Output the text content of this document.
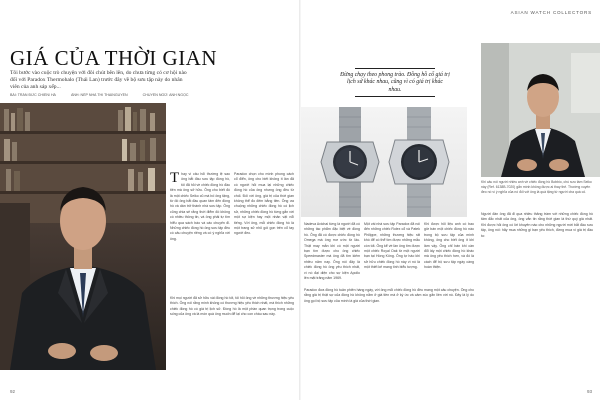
GIÁ CỦA THỜI GIAN

Tôi bước vào cuộc trò chuyện với đôi chút bẽn lẽn, do chưa từng có cơ hội nào đối với Paradox Thermohalo (Thái Lan) trước đây về bộ sưu tập này do nhân viên của anh sáp xếp...

BÀI: TRÀN ĐỨC CHIẾN/ HÀ	ẢNH: NÉP NHÀ THI THAINGUYỄN	CHUYỂN NGỮ: ANH NGỌC
T hay vì câu hỏi thường lệ sao ông bắt đầu sưu tập đồng hồ, tôi đã hỏi về chiếc đồng hồ đầu tiên mà ông sở hữu. Ông cho biết đó là một chiếc Seiko cũ mà bố ông tặng, từ đó ông bắt đầu quan tâm đến đồng hồ và dần trở thành nhà sưu tập. Ông cũng chia sẻ rằng thời điểm đó không có nhiều thông tin, và ông phải tự tìm hiểu qua sách báo và các chuyến đi. Những chiếc đồng hồ ông sưu tập đều có câu chuyện riêng và có ý nghĩa với ông.
Paradox chọn cho mình phong cách cổ điển, ông cho biết không ít lần đã có người hỏi mua lại những chiếc đồng hồ của ông nhưng ông đều từ chối. Đối với ông, giá trị của thời gian không thể đo đếm bằng tiền. Ông ưa chuộng những chiếc đồng hồ có lịch sử, những chiếc đồng hồ từng gắn với một sự kiện hay một nhân vật nổi tiếng. Với ông, mỗi chiếc đồng hồ là một trang sử nhỏ gói gọn trên cổ tay người đeo.
Khi mọi người đã sở hữu vài đồng hồ tốt, tôi hỏi ông về những thương hiệu yêu thích. Ông nói rằng mình không có thương hiệu yêu thích nhất, mà thích những chiếc đồng hồ có giá trị lịch sử. Đồng hồ là một phần quan trọng trong cuộc sống của ông và là món quà ông muốn để lại cho con cháu sau này.
92
ASIAN WATCH COLLECTORS

Đừng chạy theo phong trào. Đồng hồ cổ giá trị lịch sử khác nhau, cũng vì có giá trị khác nhau.

Nadeva Avichai từng là người đã có những tác phẩm đặc biệt về đồng hồ. Ông đã có được chiếc đồng hồ Omega mà ông mơ ước từ lâu. Thật may mắn khi có một người bạn tìm được cho ông chiếc Speedmaster mà ông đã tìm kiếm nhiều năm nay. Ông nói đây là chiếc đồng hồ ông yêu thích nhất, vì nó đại diện cho sự kiện Apollo lên mặt trăng năm 1969.
Một vài nhà sưu tập Paradox đã nói đến những chiếc Rolex cổ và Patek Philippe, những thương hiệu rất khó để có thể tìm được những mẫu còn tốt. Ông kể về lần ông tìm được một chiếc Royal Oak từ một người bạn tại Hồng Kông. Ông tự hào khi sở hữu chiếc đồng hồ này vì nó là một thiết kế mang tính biểu tượng.
Khi được hỏi liệu anh có bao giờ bán một chiếc đồng hồ nào trong bộ sưu tập của mình không, ông cho biết ông ít khi làm vậy. Ông chỉ bán khi cần đổi lấy một chiếc đồng hồ khác mà ông yêu thích hơn, và đó là cách để bộ sưu tập ngày càng hoàn thiện.
Paradox đưa đồng hồ tuân phiên hàng ngày, với ông mỗi chiếc đồng hồ đều mang một câu chuyện. Ông cho rằng giá trị thật sự của đồng hồ không nằm ở giá tiền mà ở ký ức và cảm xúc gắn liền với nó. Đây là lý do ông gọi bộ sưu tập của mình là giá của thời gian.

Khi câu nói người nhiều anh về chiếc đồng hồ Bobbio, chú sưu tầm Seiko này (Ref. 6138B-7020) gắn mình không được ai thay thế. Thường xuyên đeo nó vì ý nghĩa của nó đối với ông là quà tặng từ người cha quá cố.

Người đàn ông đã đi qua nhiều thăng trầm với những chiếc đồng hồ tâm đắc nhất của ông, ông vẫn tin rằng thời gian là thứ quý giá nhất. Khi được hỏi ông có lời khuyên nào cho những người mới bắt đầu sưu tập, ông nói: hãy mua những gì bạn yêu thích, đừng mua vì giá trị đầu tư.
93
